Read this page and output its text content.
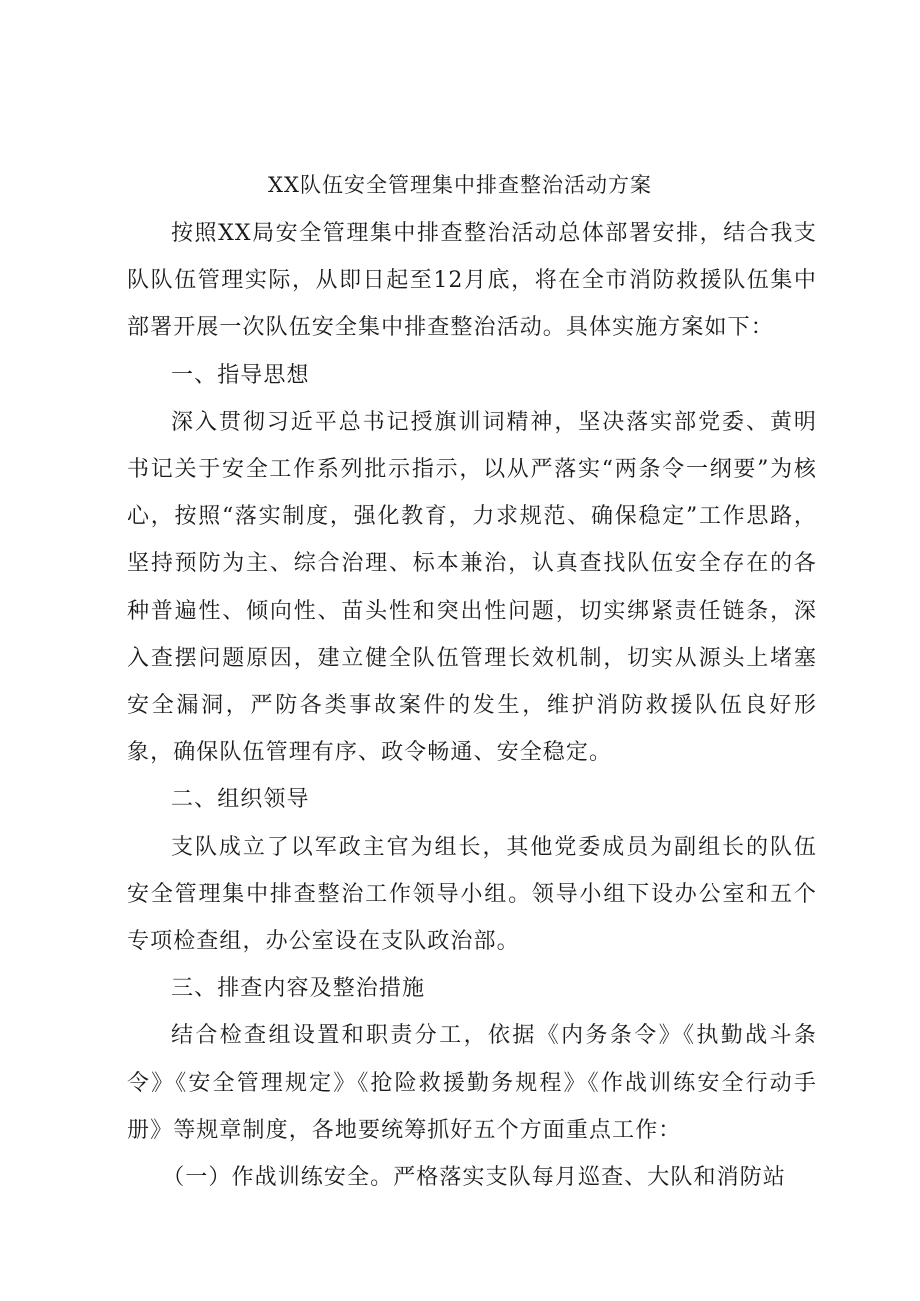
XX队伍安全管理集中排查整治活动方案

按照XX局安全管理集中排查整治活动总体部署安排，结合我支队队伍管理实际，从即日起至12月底，将在全市消防救援队伍集中部署开展一次队伍安全集中排查整治活动。具体实施方案如下：

一、指导思想

深入贯彻习近平总书记授旗训词精神，坚决落实部党委、黄明书记关于安全工作系列批示指示，以从严落实“两条令一纲要”为核心，按照“落实制度，强化教育，力求规范、确保稳定”工作思路，坚持预防为主、综合治理、标本兼治，认真查找队伍安全存在的各种普遍性、倾向性、苗头性和突出性问题，切实绑紧责任链条，深入查摆问题原因，建立健全队伍管理长效机制，切实从源头上堵塞安全漏洞，严防各类事故案件的发生，维护消防救援队伍良好形象，确保队伍管理有序、政令畅通、安全稳定。

二、组织领导

支队成立了以军政主官为组长，其他党委成员为副组长的队伍安全管理集中排查整治工作领导小组。领导小组下设办公室和五个专项检查组，办公室设在支队政治部。

三、排查内容及整治措施

结合检查组设置和职责分工，依据《内务条令》《执勤战斗条令》《安全管理规定》《抢险救援勤务规程》《作战训练安全行动手册》等规章制度，各地要统筹抓好五个方面重点工作：

（一）作战训练安全。严格落实支队每月巡查、大队和消防站
